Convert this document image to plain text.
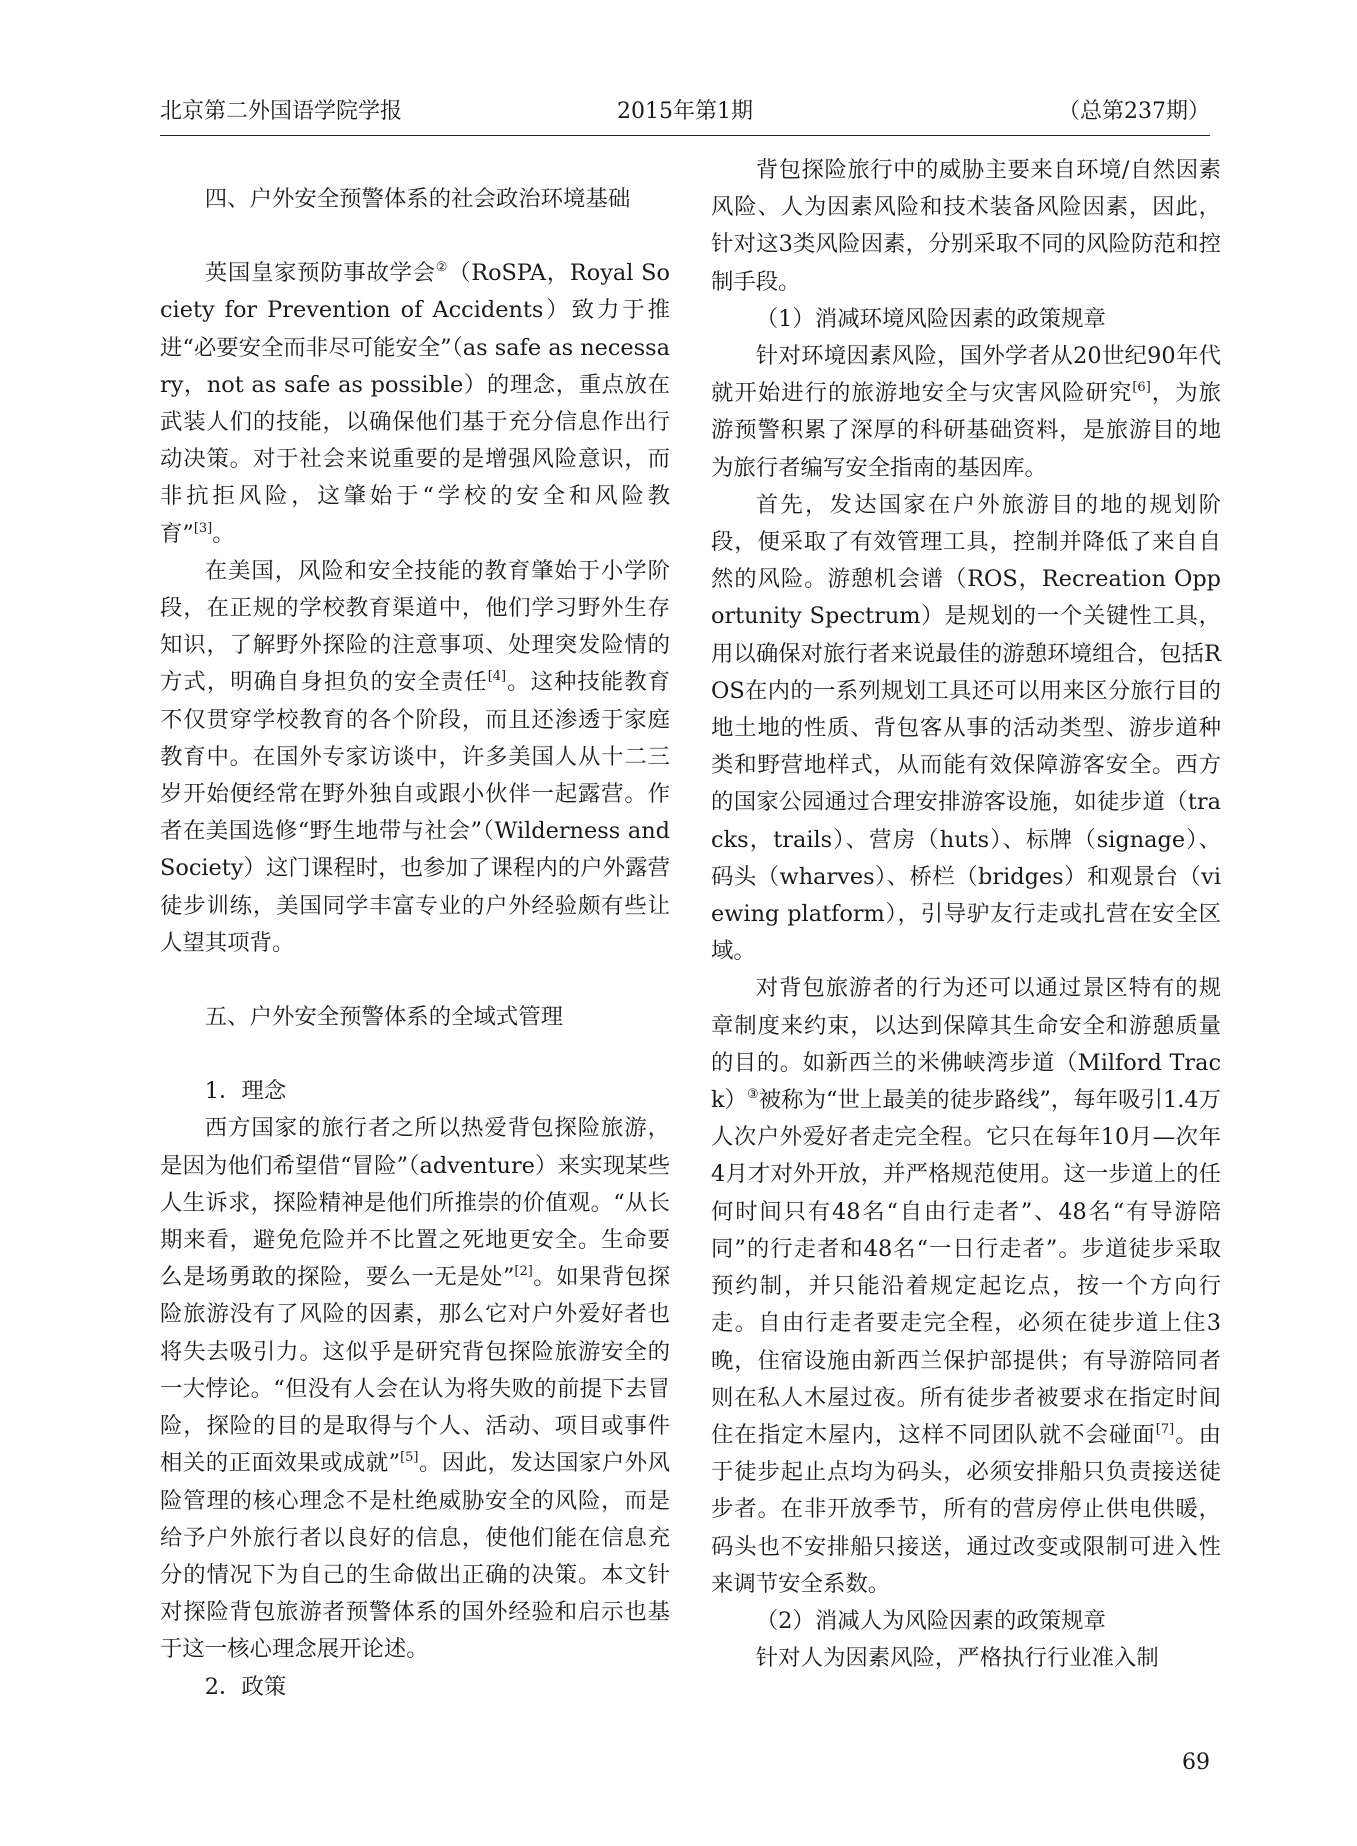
2015年第1期
北京第二外国语学院学报	（总第237期）
四、户外安全预警体系的社会政治环境基础

英国皇家预防事故学会②（RoSPA，Royal Society for Prevention of Accidents）致力于推进“必要安全而非尽可能安全”（as safe as necessary，not as safe as possible）的理念，重点放在武装人们的技能，以确保他们基于充分信息作出行动决策。对于社会来说重要的是增强风险意识，而非抗拒风险，这肇始于“学校的安全和风险教育”[3]。

在美国，风险和安全技能的教育肇始于小学阶段，在正规的学校教育渠道中，他们学习野外生存知识，了解野外探险的注意事项、处理突发险情的方式，明确自身担负的安全责任[4]。这种技能教育不仅贯穿学校教育的各个阶段，而且还渗透于家庭教育中。在国外专家访谈中，许多美国人从十二三岁开始便经常在野外独自或跟小伙伴一起露营。作者在美国选修“野生地带与社会”（Wilderness and Society）这门课程时，也参加了课程内的户外露营徒步训练，美国同学丰富专业的户外经验颇有些让人望其项背。

五、户外安全预警体系的全域式管理
1．理念

西方国家的旅行者之所以热爱背包探险旅游，是因为他们希望借“冒险”（adventure）来实现某些人生诉求，探险精神是他们所推崇的价值观。“从长期来看，避免危险并不比置之死地更安全。生命要么是场勇敢的探险，要么一无是处”[2]。如果背包探险旅游没有了风险的因素，那么它对户外爱好者也将失去吸引力。这似乎是研究背包探险旅游安全的一大悖论。“但没有人会在认为将失败的前提下去冒险，探险的目的是取得与个人、活动、项目或事件相关的正面效果或成就”[5]。因此，发达国家户外风险管理的核心理念不是杜绝威胁安全的风险，而是给予户外旅行者以良好的信息，使他们能在信息充分的情况下为自己的生命做出正确的决策。本文针对探险背包旅游者预警体系的国外经验和启示也基于这一核心理念展开论述。

2．政策

背包探险旅行中的威胁主要来自环境/自然因素风险、人为因素风险和技术装备风险因素，因此，针对这3类风险因素，分别采取不同的风险防范和控制手段。

（1）消减环境风险因素的政策规章

针对环境因素风险，国外学者从20世纪90年代就开始进行的旅游地安全与灾害风险研究[6]，为旅游预警积累了深厚的科研基础资料，是旅游目的地为旅行者编写安全指南的基因库。

首先，发达国家在户外旅游目的地的规划阶段，便采取了有效管理工具，控制并降低了来自自然的风险。游憩机会谱（ROS，Recreation Opportunity Spectrum）是规划的一个关键性工具，用以确保对旅行者来说最佳的游憩环境组合，包括ROS在内的一系列规划工具还可以用来区分旅行目的地土地的性质、背包客从事的活动类型、游步道种类和野营地样式，从而能有效保障游客安全。西方的国家公园通过合理安排游客设施，如徒步道（tracks，trails）、营房（huts）、标牌（signage）、码头（wharves）、桥栏（bridges）和观景台（viewing platform），引导驴友行走或扎营在安全区域。

对背包旅游者的行为还可以通过景区特有的规章制度来约束，以达到保障其生命安全和游憩质量的目的。如新西兰的米佛峡湾步道（Milford Track）③被称为“世上最美的徒步路线”，每年吸引1.4万人次户外爱好者走完全程。它只在每年10月—次年4月才对外开放，并严格规范使用。这一步道上的任何时间只有48名“自由行走者”、48名“有导游陪同”的行走者和48名“一日行走者”。步道徒步采取预约制，并只能沿着规定起讫点，按一个方向行走。自由行走者要走完全程，必须在徒步道上住3晚，住宿设施由新西兰保护部提供；有导游陪同者则在私人木屋过夜。所有徒步者被要求在指定时间住在指定木屋内，这样不同团队就不会碰面[7]。由于徒步起止点均为码头，必须安排船只负责接送徒步者。在非开放季节，所有的营房停止供电供暖，码头也不安排船只接送，通过改变或限制可进入性来调节安全系数。

（2）消减人为风险因素的政策规章

针对人为因素风险，严格执行行业准入制

69
